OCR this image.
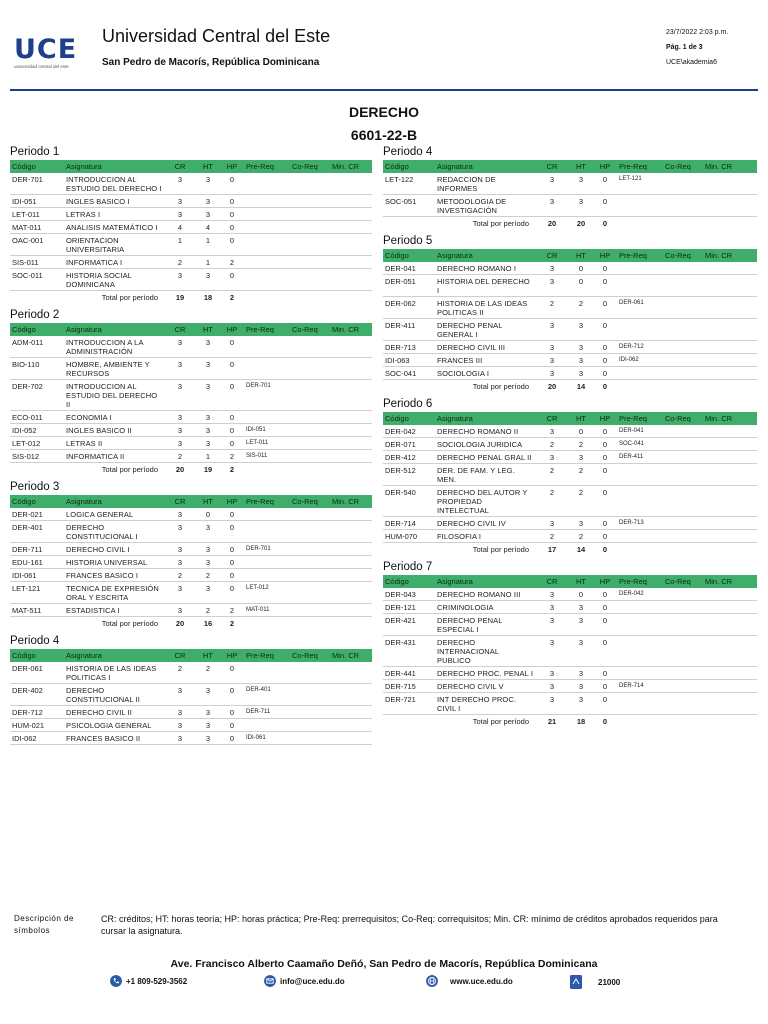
UCE
universidad central del este
Universidad Central del Este
San Pedro de Macorís, República Dominicana
23/7/2022 2:03 p.m.
Pág. 1 de 3
UCE\akademia6
DERECHO
6601-22-B
Periodo 1
Código	Asignatura	CR	HT	HP	Pre-Req	Co-Req	Min. CR
DER-701	INTRODUCCION AL ESTUDIO DEL DERECHO I	3	3	0			
IDI-051	INGLES BASICO I	3	3	0			
LET-011	LETRAS I	3	3	0			
MAT-011	ANALISIS MATEMÁTICO I	4	4	0			
OAC-001	ORIENTACION UNIVERSITARIA	1	1	0			
SIS-011	INFORMATICA I	2	1	2			
SOC-011	HISTORIA SOCIAL DOMINICANA	3	3	0			
Total por período		19	18	2			
Periodo 2
Código	Asignatura	CR	HT	HP	Pre-Req	Co-Req	Min. CR
ADM-011	INTRODUCCION A LA ADMINISTRACIÓN	3	3	0			
BIO-110	HOMBRE, AMBIENTE Y RECURSOS	3	3	0			
DER-702	INTRODUCCION AL ESTUDIO DEL DERECHO II	3	3	0	DER-701		
ECO-011	ECONOMIA I	3	3	0			
IDI-052	INGLES BASICO II	3	3	0	IDI-051		
LET-012	LETRAS II	3	3	0	LET-011		
SIS-012	INFORMATICA II	2	1	2	SIS-011		
Total por período		20	19	2			
Periodo 3
Código	Asignatura	CR	HT	HP	Pre-Req	Co-Req	Min. CR
DER-021	LOGICA GENERAL	3	0	0			
DER-401	DERECHO CONSTITUCIONAL I	3	3	0			
DER-711	DERECHO CIVIL I	3	3	0	DER-701		
EDU-161	HISTORIA UNIVERSAL	3	3	0			
IDI-061	FRANCES BASICO I	2	2	0			
LET-121	TECNICA DE EXPRESIÓN ORAL Y ESCRITA	3	3	0	LET-012		
MAT-511	ESTADISTICA I	3	2	2	MAT-011		
Total por período		20	16	2			
Periodo 4
Código	Asignatura	CR	HT	HP	Pre-Req	Co-Req	Min. CR
DER-061	HISTORIA DE LAS IDEAS POLITICAS I	2	2	0			
DER-402	DERECHO CONSTITUCIONAL II	3	3	0	DER-401		
DER-712	DERECHO CIVIL II	3	3	0	DER-711		
HUM-021	PSICOLOGIA GENERAL	3	3	0			
IDI-062	FRANCES BASICO II	3	3	0	IDI-061		
Periodo 4
Código	Asignatura	CR	HT	HP	Pre-Req	Co-Req	Min. CR
LET-122	REDACCION DE INFORMES	3	3	0	LET-121		
SOC-051	METODOLOGIA DE INVESTIGACIÓN	3	3	0			
Total por período		20	20	0			
Periodo 5
Código	Asignatura	CR	HT	HP	Pre-Req	Co-Req	Min. CR
DER-041	DERECHO ROMANO I	3	0	0			
DER-051	HISTORIA DEL DERECHO I	3	0	0			
DER-062	HISTORIA DE LAS IDEAS POLITICAS II	2	2	0	DER-061		
DER-411	DERECHO PENAL GENERAL I	3	3	0			
DER-713	DERECHO CIVIL III	3	3	0	DER-712		
IDI-063	FRANCES III	3	3	0	IDI-062		
SOC-041	SOCIOLOGIA I	3	3	0			
Total por período		20	14	0			
Periodo 6
Código	Asignatura	CR	HT	HP	Pre-Req	Co-Req	Min. CR
DER-042	DERECHO ROMANO II	3	0	0	DER-041		
DER-071	SOCIOLOGIA JURIDICA	2	2	0	SOC-041		
DER-412	DERECHO PENAL GRAL II	3	3	0	DER-411		
DER-512	DER. DE FAM. Y LEG. MEN.	2	2	0			
DER-540	DERECHO DEL AUTOR Y PROPIEDAD INTELECTUAL	2	2	0			
DER-714	DERECHO CIVIL IV	3	3	0	DER-713		
HUM-070	FILOSOFIA I	2	2	0			
Total por período		17	14	0			
Periodo 7
Código	Asignatura	CR	HT	HP	Pre-Req	Co-Req	Min. CR
DER-043	DERECHO ROMANO III	3	0	0	DER-042		
DER-121	CRIMINOLOGIA	3	3	0			
DER-421	DERECHO PENAL ESPECIAL I	3	3	0			
DER-431	DERECHO INTERNACIONAL PUBLICO	3	3	0			
DER-441	DERECHO PROC. PENAL I	3	3	0			
DER-715	DERECHO CIVIL V	3	3	0	DER-714		
DER-721	INT DERECHO PROC. CIVIL I	3	3	0			
Total por período		21	18	0			
Descripción de símbolos
CR: créditos; HT: horas teoría; HP: horas práctica; Pre-Req: prerrequisitos; Co-Req: correquisitos; Min. CR: mínimo de créditos aprobados requeridos para cursar la asignatura.
Ave. Francisco Alberto Caamaño Deñó, San Pedro de Macorís, República Dominicana
+1 809-529-3562	info@uce.edu.do	www.uce.edu.do	21000
